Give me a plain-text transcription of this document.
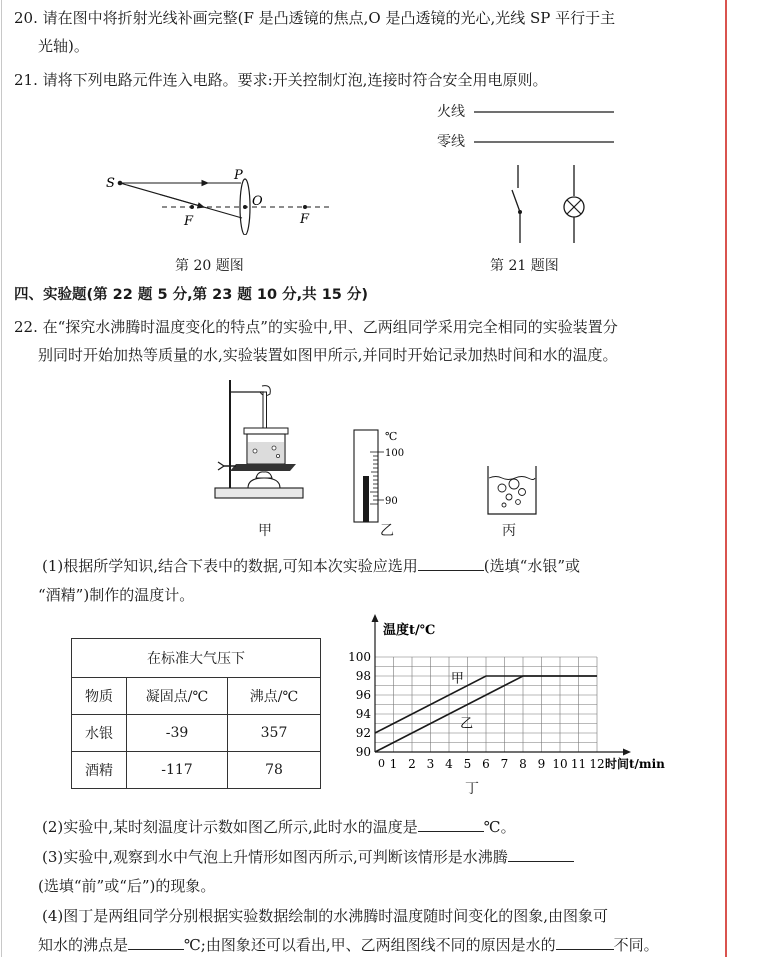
20. 请在图中将折射光线补画完整(F 是凸透镜的焦点,O 是凸透镜的光心,光线 SP 平行于主
光轴)。
21. 请将下列电路元件连入电路。要求:开关控制灯泡,连接时符合安全用电原则。
S
P
O
F	F
第 20 题图
火线
零线
第 21 题图
四、实验题(第 22 题 5 分,第 23 题 10 分,共 15 分)
22. 在“探究水沸腾时温度变化的特点”的实验中,甲、乙两组同学采用完全相同的实验装置分
别同时开始加热等质量的水,实验装置如图甲所示,并同时开始记录加热时间和水的温度。
甲
℃
100
90
乙	丙
(1)根据所学知识,结合下表中的数据,可知本次实验应选用	(选填“水银”或
“酒精”)制作的温度计。
在标准大气压下		
物质	凝固点/℃	沸点/℃
水银	-39	357
酒精	-117	78
温度t/℃
时间t/min
1 2 3 4 5 6 7 8 9 10 11 12
90
92
94
96
98
100
0
甲
乙
丁
(2)实验中,某时刻温度计示数如图乙所示,此时水的温度是	℃。
(3)实验中,观察到水中气泡上升情形如图丙所示,可判断该情形是水沸腾
(选填“前”或“后”)的现象。
(4)图丁是两组同学分别根据实验数据绘制的水沸腾时温度随时间变化的图象,由图象可
知水的沸点是	℃;由图象还可以看出,甲、乙两组图线不同的原因是水的	不同。
